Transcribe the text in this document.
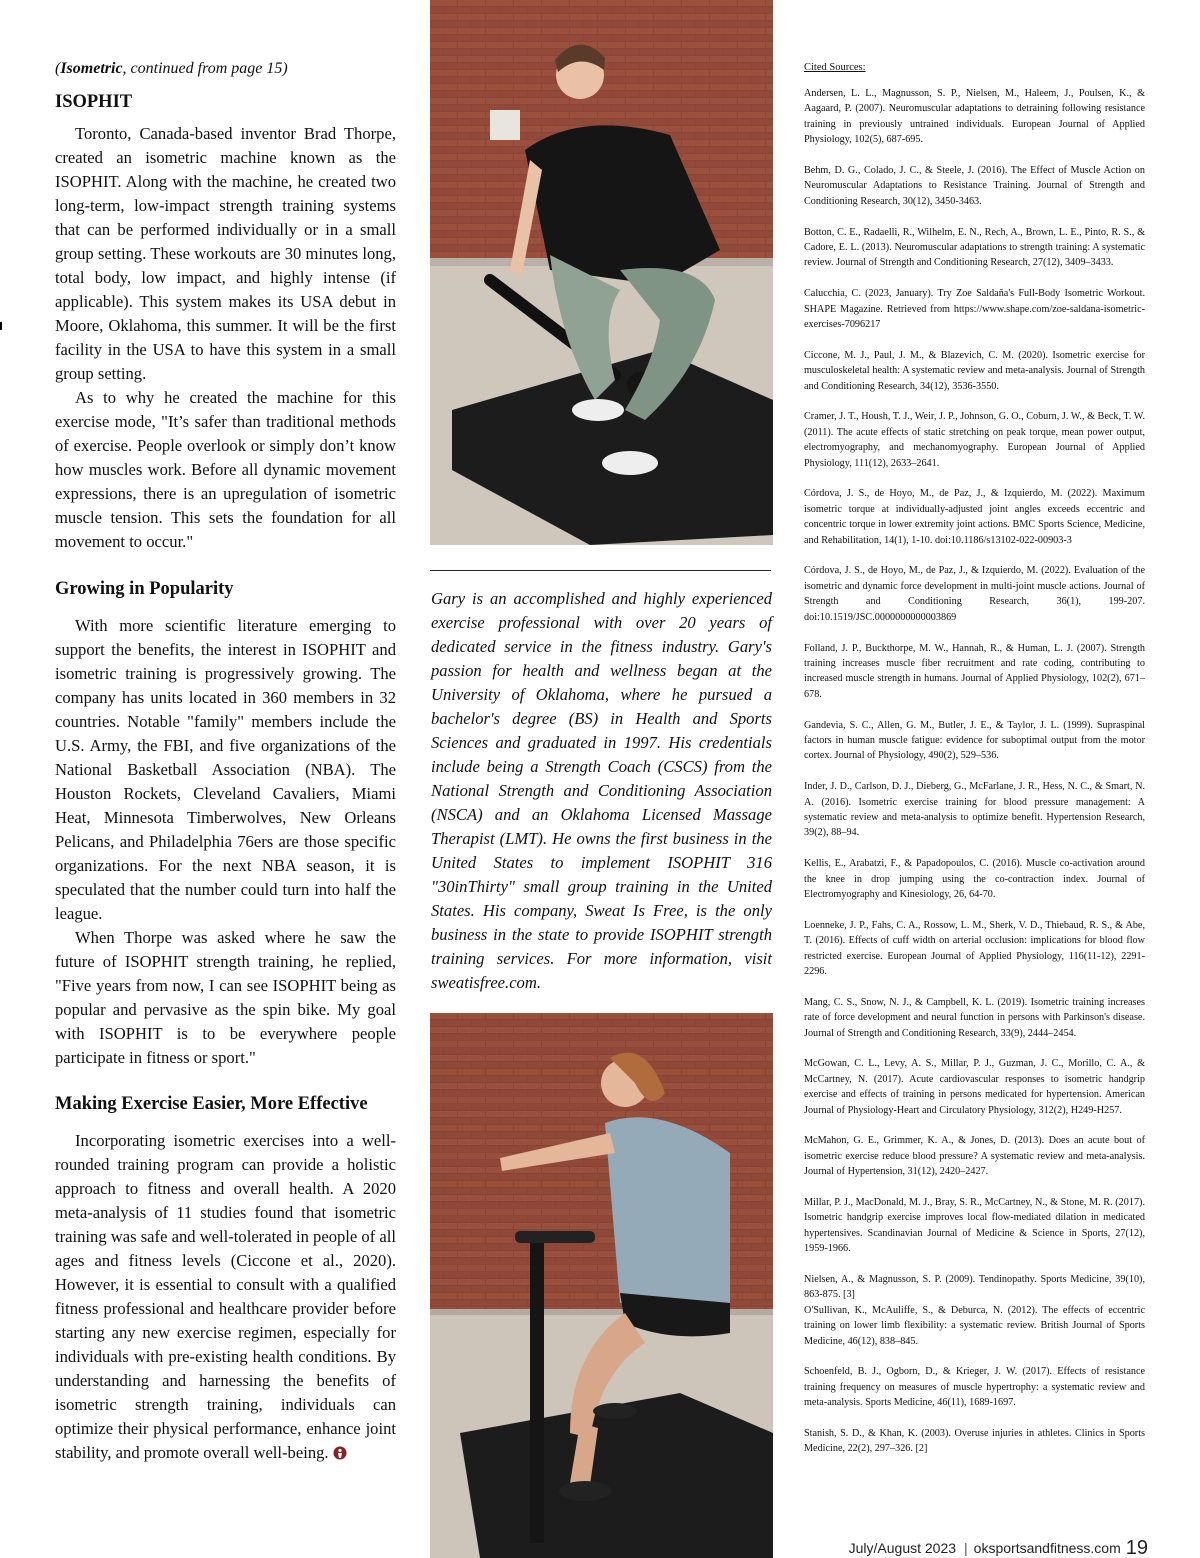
(Isometric, continued from page 15)

ISOPHIT

Toronto, Canada-based inventor Brad Thorpe, created an isometric machine known as the ISOPHIT. Along with the machine, he created two long-term, low-impact strength training systems that can be performed individually or in a small group setting. These workouts are 30 minutes long, total body, low impact, and highly intense (if applicable). This system makes its USA debut in Moore, Oklahoma, this summer. It will be the first facility in the USA to have this system in a small group setting.

As to why he created the machine for this exercise mode, "It’s safer than traditional methods of exercise. People overlook or simply don’t know how muscles work. Before all dynamic movement expressions, there is an upregulation of isometric muscle tension. This sets the foundation for all movement to occur."

Growing in Popularity

With more scientific literature emerging to support the benefits, the interest in ISOPHIT and isometric training is progressively growing. The company has units located in 360 members in 32 countries. Notable "family" members include the U.S. Army, the FBI, and five organizations of the National Basketball Association (NBA). The Houston Rockets, Cleveland Cavaliers, Miami Heat, Minnesota Timberwolves, New Orleans Pelicans, and Philadelphia 76ers are those specific organizations. For the next NBA season, it is speculated that the number could turn into half the league.

When Thorpe was asked where he saw the future of ISOPHIT strength training, he replied, "Five years from now, I can see ISOPHIT being as popular and pervasive as the spin bike. My goal with ISOPHIT is to be everywhere people participate in fitness or sport."

Making Exercise Easier, More Effective

Incorporating isometric exercises into a well-rounded training program can provide a holistic approach to fitness and overall health. A 2020 meta-analysis of 11 studies found that isometric training was safe and well-tolerated in people of all ages and fitness levels (Ciccone et al., 2020). However, it is essential to consult with a qualified fitness professional and healthcare provider before starting any new exercise regimen, especially for individuals with pre-existing health conditions. By understanding and harnessing the benefits of isometric strength training, individuals can optimize their physical performance, enhance joint stability, and promote overall well-being.

Gary is an accomplished and highly experienced exercise professional with over 20 years of dedicated service in the fitness industry. Gary's passion for health and wellness began at the University of Oklahoma, where he pursued a bachelor's degree (BS) in Health and Sports Sciences and graduated in 1997. His credentials include being a Strength Coach (CSCS) from the National Strength and Conditioning Association (NSCA) and an Oklahoma Licensed Massage Therapist (LMT). He owns the first business in the United States to implement ISOPHIT 316 "30inThirty" small group training in the United States. His company, Sweat Is Free, is the only business in the state to provide ISOPHIT strength training services. For more information, visit sweatisfree.com.

Cited Sources:

Andersen, L. L., Magnusson, S. P., Nielsen, M., Haleem, J., Poulsen, K., & Aagaard, P. (2007). Neuromuscular adaptations to detraining following resistance training in previously untrained individuals. European Journal of Applied Physiology, 102(5), 687-695.

Behm, D. G., Colado, J. C., & Steele, J. (2016). The Effect of Muscle Action on Neuromuscular Adaptations to Resistance Training. Journal of Strength and Conditioning Research, 30(12), 3450-3463.

Botton, C. E., Radaelli, R., Wilhelm, E. N., Rech, A., Brown, L. E., Pinto, R. S., & Cadore, E. L. (2013). Neuromuscular adaptations to strength training: A systematic review. Journal of Strength and Conditioning Research, 27(12), 3409–3433.

Calucchia, C. (2023, January). Try Zoe Saldaña's Full-Body Isometric Workout. SHAPE Magazine. Retrieved from https://www.shape.com/zoe-saldana-isometric-exercises-7096217

Ciccone, M. J., Paul, J. M., & Blazevich, C. M. (2020). Isometric exercise for musculoskeletal health: A systematic review and meta-analysis. Journal of Strength and Conditioning Research, 34(12), 3536-3550.

Cramer, J. T., Housh, T. J., Weir, J. P., Johnson, G. O., Coburn, J. W., & Beck, T. W. (2011). The acute effects of static stretching on peak torque, mean power output, electromyography, and mechanomyography. European Journal of Applied Physiology, 111(12), 2633–2641.

Córdova, J. S., de Hoyo, M., de Paz, J., & Izquierdo, M. (2022). Maximum isometric torque at individually-adjusted joint angles exceeds eccentric and concentric torque in lower extremity joint actions. BMC Sports Science, Medicine, and Rehabilitation, 14(1), 1-10. doi:10.1186/s13102-022-00903-3

Córdova, J. S., de Hoyo, M., de Paz, J., & Izquierdo, M. (2022). Evaluation of the isometric and dynamic force development in multi-joint muscle actions. Journal of Strength and Conditioning Research, 36(1), 199-207. doi:10.1519/JSC.0000000000003869

Folland, J. P., Buckthorpe, M. W., Hannah, R., & Human, L. J. (2007). Strength training increases muscle fiber recruitment and rate coding, contributing to increased muscle strength in humans. Journal of Applied Physiology, 102(2), 671–678.

Gandevia, S. C., Allen, G. M., Butler, J. E., & Taylor, J. L. (1999). Supraspinal factors in human muscle fatigue: evidence for suboptimal output from the motor cortex. Journal of Physiology, 490(2), 529–536.

Inder, J. D., Carlson, D. J., Dieberg, G., McFarlane, J. R., Hess, N. C., & Smart, N. A. (2016). Isometric exercise training for blood pressure management: A systematic review and meta-analysis to optimize benefit. Hypertension Research, 39(2), 88–94.

Kellis, E., Arabatzi, F., & Papadopoulos, C. (2016). Muscle co-activation around the knee in drop jumping using the co-contraction index. Journal of Electromyography and Kinesiology, 26, 64-70.

Loenneke, J. P., Fahs, C. A., Rossow, L. M., Sherk, V. D., Thiebaud, R. S., & Abe, T. (2016). Effects of cuff width on arterial occlusion: implications for blood flow restricted exercise. European Journal of Applied Physiology, 116(11-12), 2291-2296.

Mang, C. S., Snow, N. J., & Campbell, K. L. (2019). Isometric training increases rate of force development and neural function in persons with Parkinson's disease. Journal of Strength and Conditioning Research, 33(9), 2444–2454.

McGowan, C. L., Levy, A. S., Millar, P. J., Guzman, J. C., Morillo, C. A., & McCartney, N. (2017). Acute cardiovascular responses to isometric handgrip exercise and effects of training in persons medicated for hypertension. American Journal of Physiology-Heart and Circulatory Physiology, 312(2), H249-H257.

McMahon, G. E., Grimmer, K. A., & Jones, D. (2013). Does an acute bout of isometric exercise reduce blood pressure? A systematic review and meta-analysis. Journal of Hypertension, 31(12), 2420–2427.

Millar, P. J., MacDonald, M. J., Bray, S. R., McCartney, N., & Stone, M. R. (2017). Isometric handgrip exercise improves local flow‐mediated dilation in medicated hypertensives. Scandinavian Journal of Medicine & Science in Sports, 27(12), 1959-1966.

Nielsen, A., & Magnusson, S. P. (2009). Tendinopathy. Sports Medicine, 39(10), 863-875. [3]

O'Sullivan, K., McAuliffe, S., & Deburca, N. (2012). The effects of eccentric training on lower limb flexibility: a systematic review. British Journal of Sports Medicine, 46(12), 838–845.

Schoenfeld, B. J., Ogborn, D., & Krieger, J. W. (2017). Effects of resistance training frequency on measures of muscle hypertrophy: a systematic review and meta-analysis. Sports Medicine, 46(11), 1689-1697.

Stanish, S. D., & Khan, K. (2003). Overuse injuries in athletes. Clinics in Sports Medicine, 22(2), 297–326. [2]

July/August 2023 | oksportsandfitness.com 19
